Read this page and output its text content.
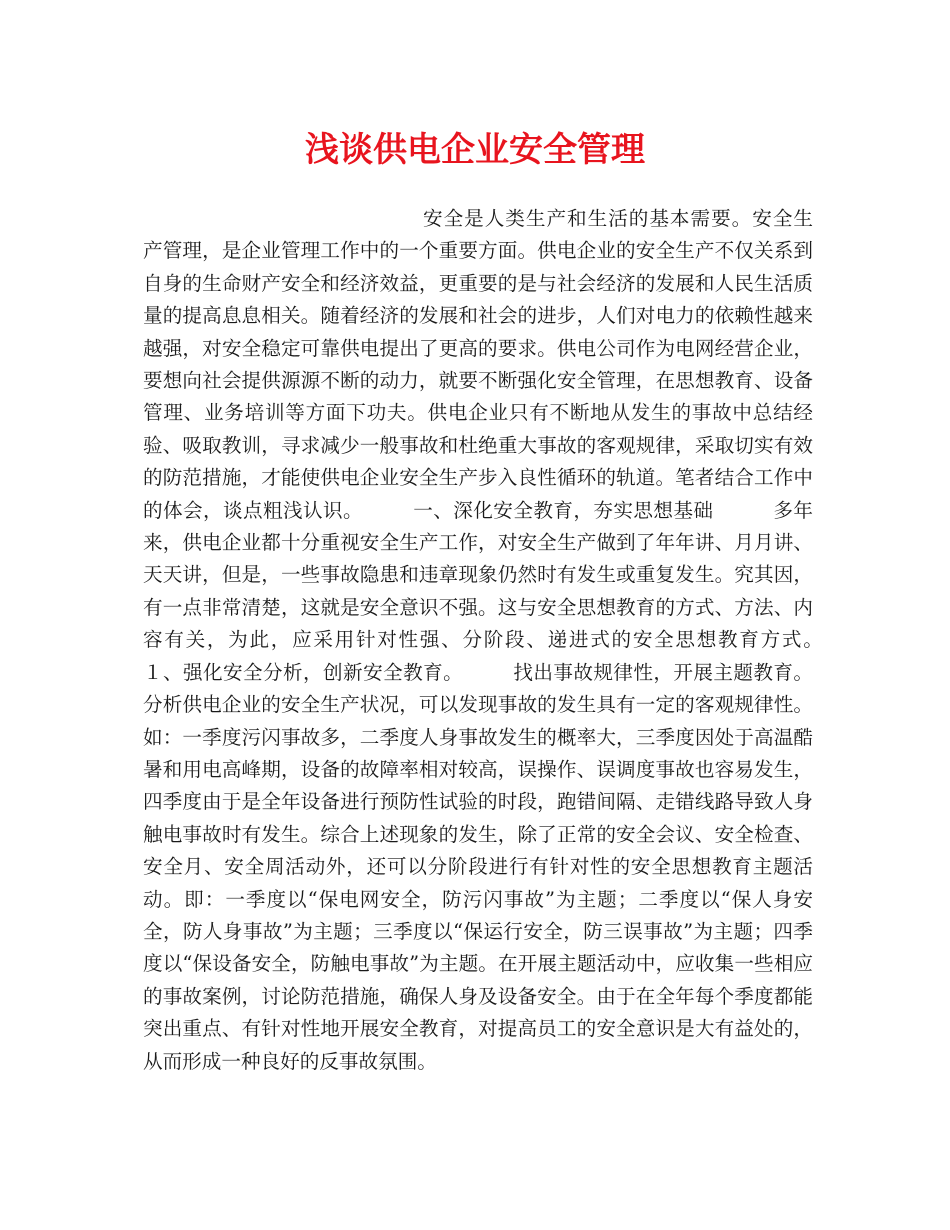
浅谈供电企业安全管理

安全是人类生产和生活的基本需要。安全生产管理，是企业管理工作中的一个重要方面。供电企业的安全生产不仅关系到自身的生命财产安全和经济效益，更重要的是与社会经济的发展和人民生活质量的提高息息相关。随着经济的发展和社会的进步，人们对电力的依赖性越来越强，对安全稳定可靠供电提出了更高的要求。供电公司作为电网经营企业，要想向社会提供源源不断的动力，就要不断强化安全管理，在思想教育、设备管理、业务培训等方面下功夫。供电企业只有不断地从发生的事故中总结经验、吸取教训，寻求减少一般事故和杜绝重大事故的客观规律，采取切实有效的防范措施，才能使供电企业安全生产步入良性循环的轨道。笔者结合工作中的体会，谈点粗浅认识。　　　一、深化安全教育，夯实思想基础　　　多年来，供电企业都十分重视安全生产工作，对安全生产做到了年年讲、月月讲、天天讲，但是，一些事故隐患和违章现象仍然时有发生或重复发生。究其因，有一点非常清楚，这就是安全意识不强。这与安全思想教育的方式、方法、内容有关，为此，应采用针对性强、分阶段、递进式的安全思想教育方式。　　　１、强化安全分析，创新安全教育。　　　找出事故规律性，开展主题教育。分析供电企业的安全生产状况，可以发现事故的发生具有一定的客观规律性。如：一季度污闪事故多，二季度人身事故发生的概率大，三季度因处于高温酷暑和用电高峰期，设备的故障率相对较高，误操作、误调度事故也容易发生，四季度由于是全年设备进行预防性试验的时段，跑错间隔、走错线路导致人身触电事故时有发生。综合上述现象的发生，除了正常的安全会议、安全检查、安全月、安全周活动外，还可以分阶段进行有针对性的安全思想教育主题活动。即：一季度以“保电网安全，防污闪事故”为主题；二季度以“保人身安全，防人身事故”为主题；三季度以“保运行安全，防三误事故”为主题；四季度以“保设备安全，防触电事故”为主题。在开展主题活动中，应收集一些相应的事故案例，讨论防范措施，确保人身及设备安全。由于在全年每个季度都能突出重点、有针对性地开展安全教育，对提高员工的安全意识是大有益处的，从而形成一种良好的反事故氛围。
